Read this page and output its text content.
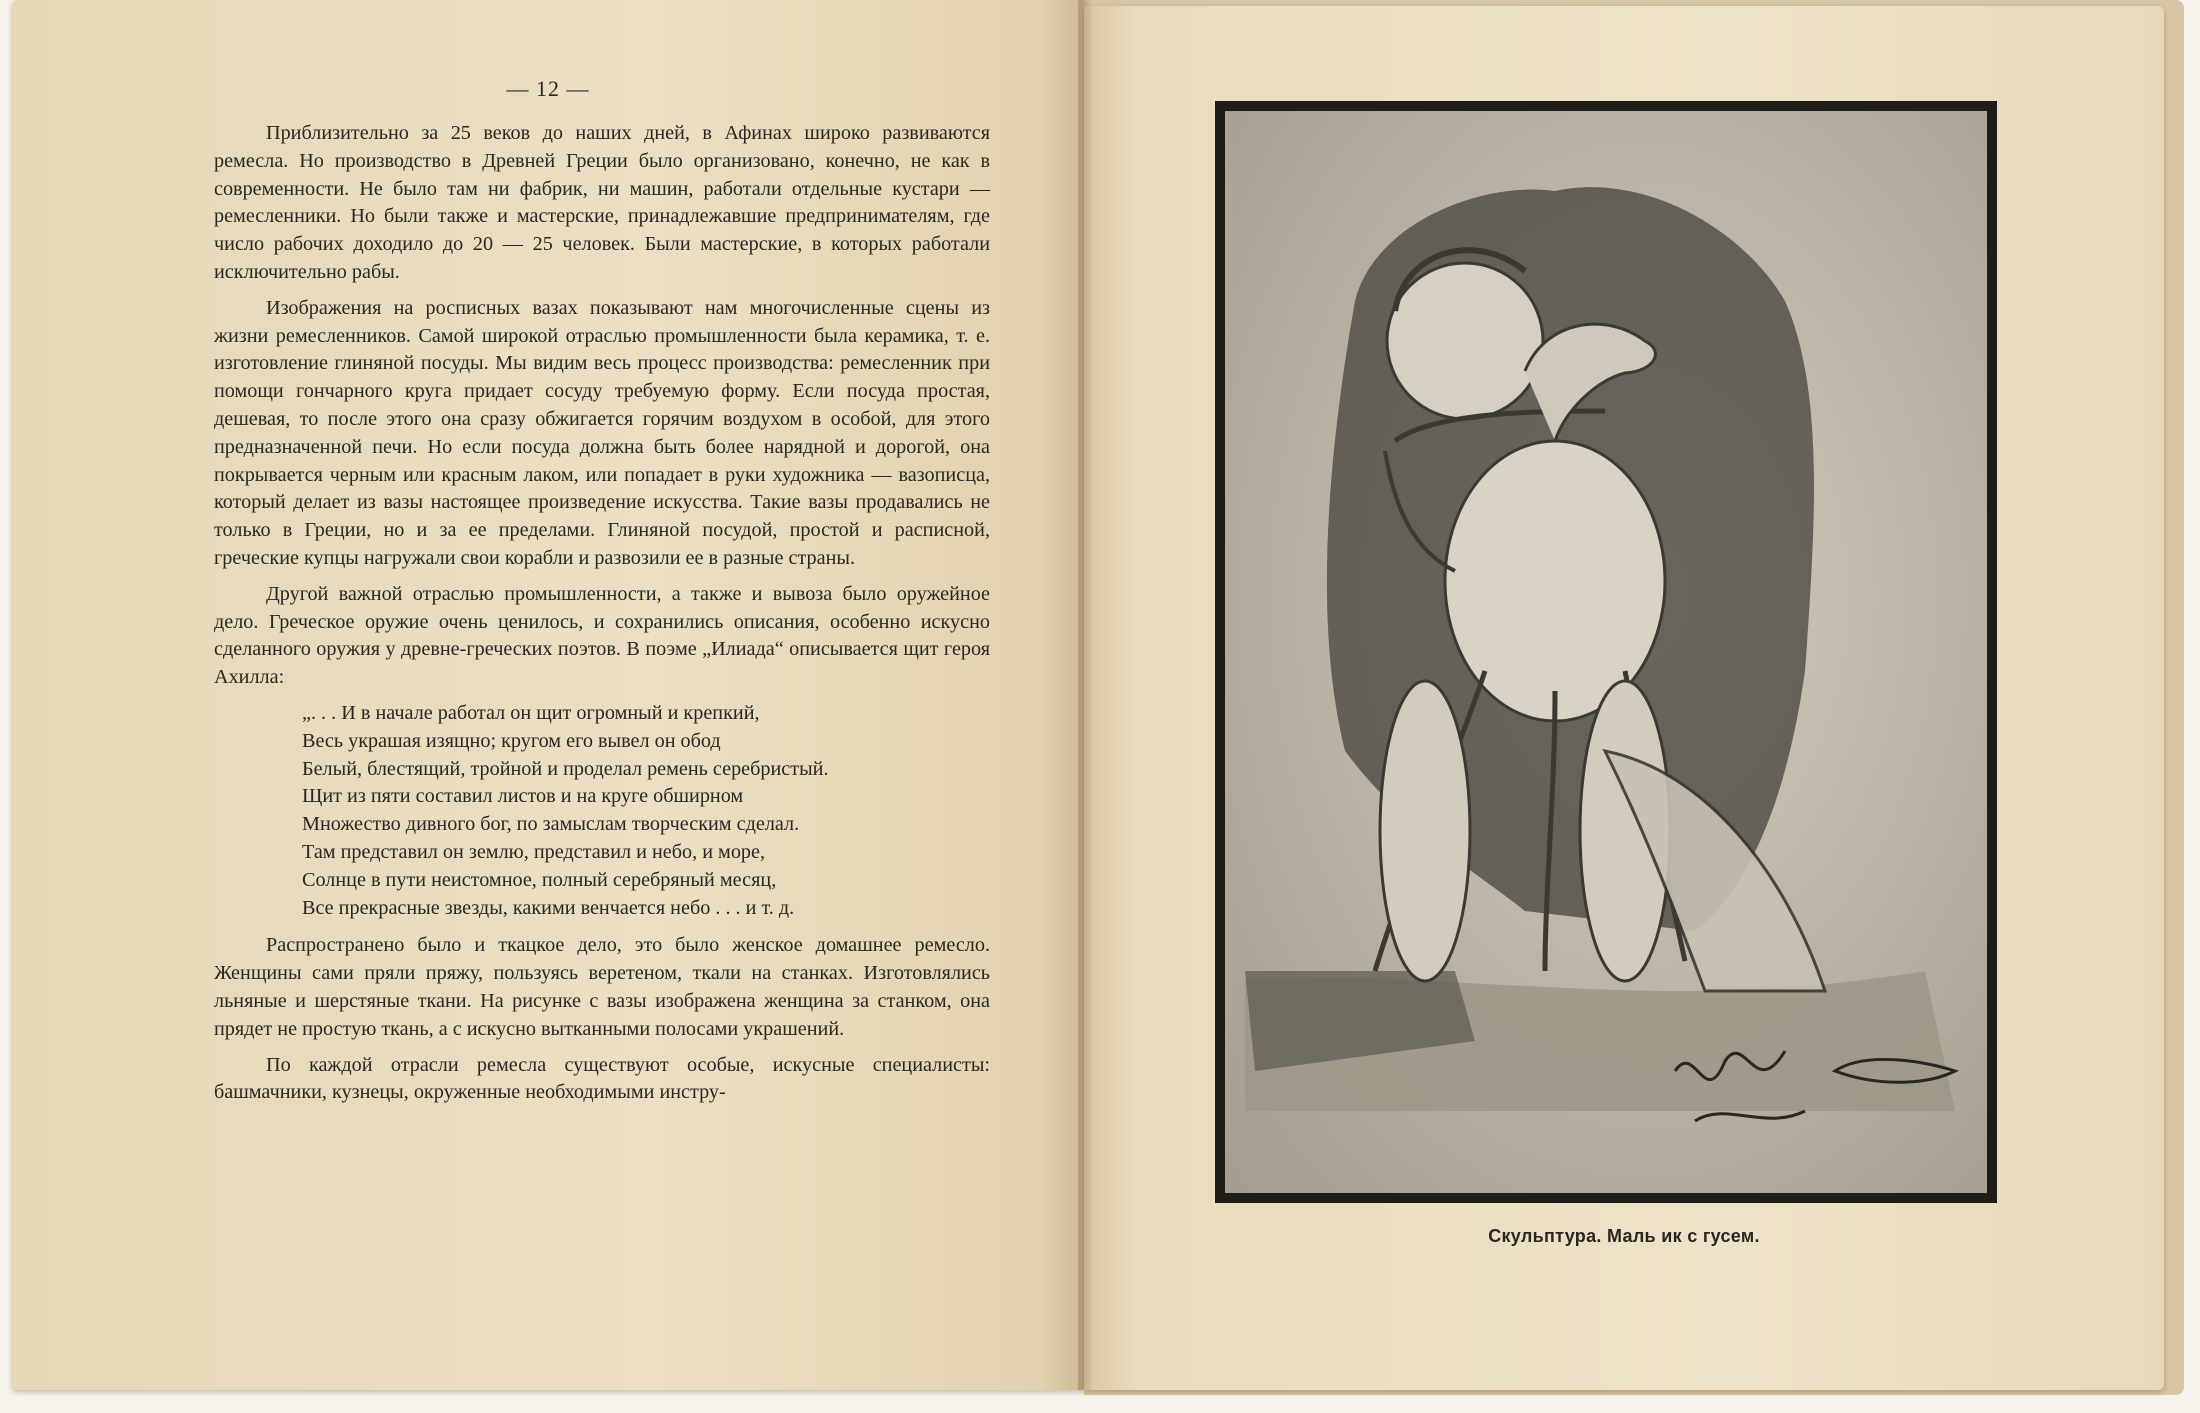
— 12 —

Приблизительно за 25 веков до наших дней, в Афинах широко развиваются ремесла. Но производство в Древней Греции было организовано, конечно, не как в современности. Не было там ни фабрик, ни машин, работали отдельные кустари — ремесленники. Но были также и мастерские, принадлежавшие предпринимателям, где число рабочих доходило до 20 — 25 человек. Были мастерские, в которых работали исключительно рабы.

Изображения на росписных вазах показывают нам многочисленные сцены из жизни ремесленников. Самой широкой отраслью промышленности была керамика, т. е. изготовление глиняной посуды. Мы видим весь процесс производства: ремесленник при помощи гончарного круга придает сосуду требуемую форму. Если посуда простая, дешевая, то после этого она сразу обжигается горячим воздухом в особой, для этого предназначенной печи. Но если посуда должна быть более нарядной и дорогой, она покрывается черным или красным лаком, или попадает в руки художника — вазописца, который делает из вазы настоящее произведение искусства. Такие вазы продавались не только в Греции, но и за ее пределами. Глиняной посудой, простой и расписной, греческие купцы нагружали свои корабли и развозили ее в разные страны.

Другой важной отраслью промышленности, а также и вывоза было оружейное дело. Греческое оружие очень ценилось, и сохранились описания, особенно искусно сделанного оружия у древне-греческих поэтов. В поэме „Илиада“ описывается щит героя Ахилла:

„. . . И в начале работал он щит огромный и крепкий,
Весь украшая изящно; кругом его вывел он обод
Белый, блестящий, тройной и проделал ремень серебристый.
Щит из пяти составил листов и на круге обширном
Множество дивного бог, по замыслам творческим сделал.
Там представил он землю, представил и небо, и море,
Солнце в пути неистомное, полный серебряный месяц,
Все прекрасные звезды, какими венчается небо . . . и т. д.

Распространено было и ткацкое дело, это было женское домашнее ремесло. Женщины сами пряли пряжу, пользуясь веретеном, ткали на станках. Изготовлялись льняные и шерстяные ткани. На рисунке с вазы изображена женщина за станком, она прядет не простую ткань, а с искусно вытканными полосами украшений.

По каждой отрасли ремесла существуют особые, искусные специалисты: башмачники, кузнецы, окруженные необходимыми инстру-

Скульптура. Маль ик с гусем.
